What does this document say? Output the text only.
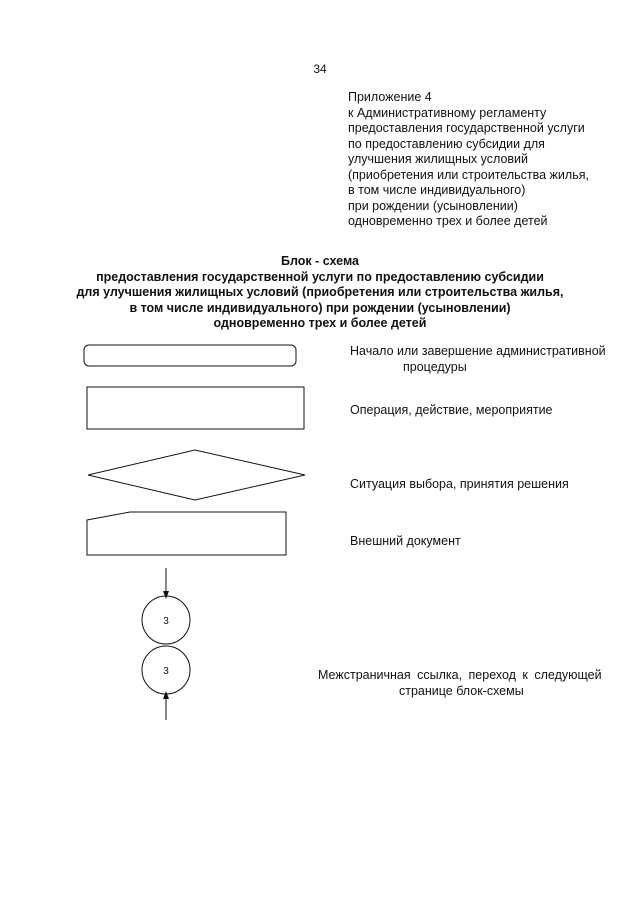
34
Приложение 4
к Административному регламенту
предоставления государственной услуги
по предоставлению субсидии для
улучшения жилищных условий
(приобретения или строительства жилья,
в том числе индивидуального)
при рождении (усыновлении)
одновременно трех и более детей
Блок - схема
предоставления государственной услуги по предоставлению субсидии
для улучшения жилищных условий (приобретения или строительства жилья,
в том числе индивидуального) при рождении (усыновлении)
одновременно трех и более детей
3
3
Начало или завершение административной
процедуры
Операция, действие, мероприятие
Ситуация выбора, принятия решения
Внешний документ
Межстраничная ссылка, переход к следующей
странице блок-схемы
